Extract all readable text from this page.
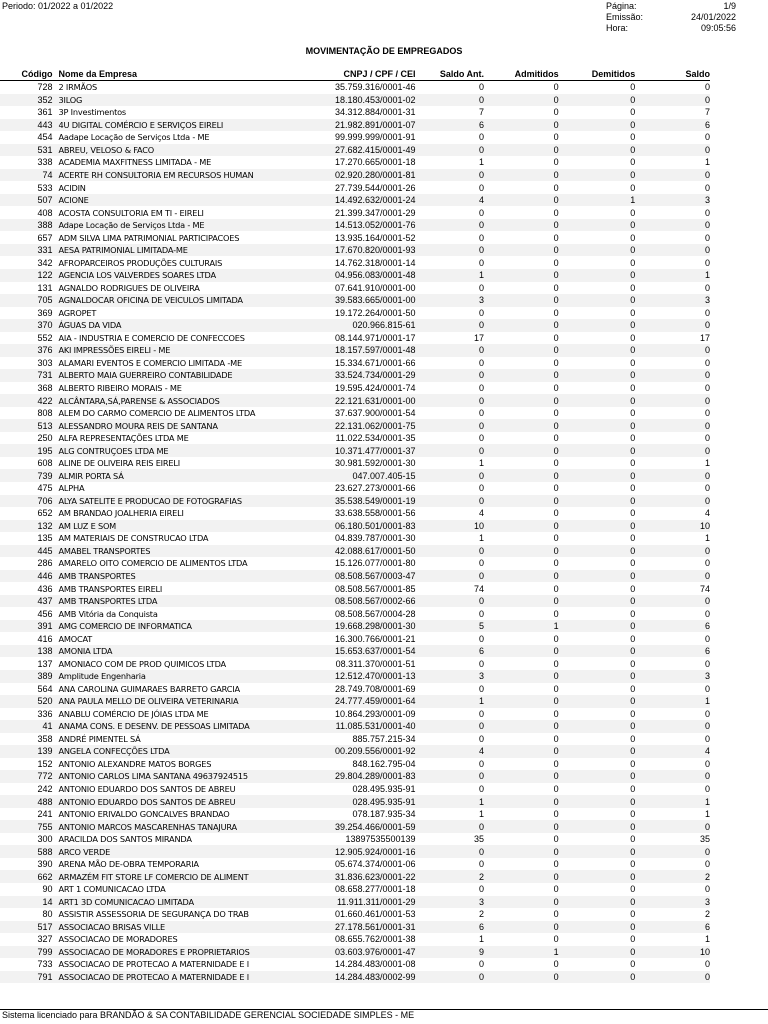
Periodo: 01/2022 a 01/2022	Página:	1/9
Emissão:	24/01/2022
Hora:	09:05:56
MOVIMENTAÇÃO DE EMPREGADOS
Código	Nome da Empresa	CNPJ / CPF / CEI	Saldo Ant.	Admitidos	Demitidos	Saldo
728	2 IRMÃOS	35.759.316/0001-46	0	0	0	0
352	3ILOG	18.180.453/0001-02	0	0	0	0
361	3P Investimentos	34.312.884/0001-31	7	0	0	7
443	4U DIGITAL COMÉRCIO E SERVIÇOS EIRELI	21.982.891/0001-07	6	0	0	6
454	Aadape Locação de Serviços Ltda - ME	99.999.999/0001-91	0	0	0	0
531	ABREU, VELOSO & FACO	27.682.415/0001-49	0	0	0	0
338	ACADEMIA MAXFITNESS LIMITADA - ME	17.270.665/0001-18	1	0	0	1
74	ACERTE RH CONSULTORIA EM RECURSOS HUMAN	02.920.280/0001-81	0	0	0	0
533	ACIDIN	27.739.544/0001-26	0	0	0	0
507	ACIONE	14.492.632/0001-24	4	0	1	3
408	ACOSTA CONSULTORIA EM TI - EIRELI	21.399.347/0001-29	0	0	0	0
388	Adape Locação de Serviços Ltda - ME	14.513.052/0001-76	0	0	0	0
657	ADM SILVA LIMA PATRIMONIAL PARTICIPACOES	13.935.164/0001-52	0	0	0	0
331	AESA PATRIMONIAL LIMITADA-ME	17.670.820/0001-93	0	0	0	0
342	AFROPARCEIROS PRODUÇÕES CULTURAIS	14.762.318/0001-14	0	0	0	0
122	AGENCIA LOS VALVERDES SOARES LTDA	04.956.083/0001-48	1	0	0	1
131	AGNALDO RODRIGUES DE OLIVEIRA	07.641.910/0001-00	0	0	0	0
705	AGNALDOCAR OFICINA DE VEICULOS LIMITADA	39.583.665/0001-00	3	0	0	3
369	AGROPET	19.172.264/0001-50	0	0	0	0
370	ÁGUAS DA VIDA	020.966.815-61	0	0	0	0
552	AIA - INDUSTRIA E COMERCIO DE CONFECCOES	08.144.971/0001-17	17	0	0	17
376	AKI IMPRESSÕES EIRELI - ME	18.157.597/0001-48	0	0	0	0
303	ALAMARI EVENTOS E COMERCIO LIMITADA -ME	15.334.671/0001-66	0	0	0	0
731	ALBERTO MAIA GUERREIRO CONTABILIDADE	33.524.734/0001-29	0	0	0	0
368	ALBERTO RIBEIRO MORAIS - ME	19.595.424/0001-74	0	0	0	0
422	ALCÂNTARA,SÁ,PARENSE & ASSOCIADOS	22.121.631/0001-00	0	0	0	0
808	ALEM DO CARMO COMERCIO DE ALIMENTOS LTDA	37.637.900/0001-54	0	0	0	0
513	ALESSANDRO MOURA REIS DE SANTANA	22.131.062/0001-75	0	0	0	0
250	ALFA REPRESENTAÇÕES LTDA ME	11.022.534/0001-35	0	0	0	0
195	ALG CONTRUÇOES LTDA ME	10.371.477/0001-37	0	0	0	0
608	ALINE DE OLIVEIRA REIS EIRELI	30.981.592/0001-30	1	0	0	1
739	ALMIR PORTA SÁ	047.007.405-15	0	0	0	0
475	ALPHA	23.627.273/0001-66	0	0	0	0
706	ALYA SATELITE E PRODUCAO DE FOTOGRAFIAS	35.538.549/0001-19	0	0	0	0
652	AM BRANDAO JOALHERIA EIRELI	33.638.558/0001-56	4	0	0	4
132	AM LUZ E SOM	06.180.501/0001-83	10	0	0	10
135	AM MATERIAIS DE CONSTRUCAO LTDA	04.839.787/0001-30	1	0	0	1
445	AMABEL TRANSPORTES	42.088.617/0001-50	0	0	0	0
286	AMARELO OITO COMERCIO DE ALIMENTOS LTDA	15.126.077/0001-80	0	0	0	0
446	AMB TRANSPORTES	08.508.567/0003-47	0	0	0	0
436	AMB TRANSPORTES EIRELI	08.508.567/0001-85	74	0	0	74
437	AMB TRANSPORTES LTDA	08.508.567/0002-66	0	0	0	0
456	AMB Vitória da Conquista	08.508.567/0004-28	0	0	0	0
391	AMG COMERCIO DE INFORMATICA	19.668.298/0001-30	5	1	0	6
416	AMOCAT	16.300.766/0001-21	0	0	0	0
138	AMONIA LTDA	15.653.637/0001-54	6	0	0	6
137	AMONIACO COM DE PROD QUIMICOS LTDA	08.311.370/0001-51	0	0	0	0
389	Amplitude Engenharia	12.512.470/0001-13	3	0	0	3
564	ANA CAROLINA GUIMARAES BARRETO GARCIA	28.749.708/0001-69	0	0	0	0
520	ANA PAULA MELLO DE OLIVEIRA VETERINARIA	24.777.459/0001-64	1	0	0	1
336	ANABLU COMÉRCIO DE JÓIAS LTDA ME	10.864.293/0001-09	0	0	0	0
41	ANAMA CONS. E DESENV. DE PESSOAS LIMITADA	11.085.531/0001-40	0	0	0	0
358	ANDRÉ PIMENTEL SÁ	885.757.215-34	0	0	0	0
139	ANGELA CONFECÇÕES LTDA	00.209.556/0001-92	4	0	0	4
152	ANTONIO ALEXANDRE MATOS BORGES	848.162.795-04	0	0	0	0
772	ANTONIO CARLOS LIMA SANTANA 49637924515	29.804.289/0001-83	0	0	0	0
242	ANTONIO EDUARDO DOS SANTOS DE ABREU	028.495.935-91	0	0	0	0
488	ANTONIO EDUARDO DOS SANTOS DE ABREU	028.495.935-91	1	0	0	1
241	ANTONIO ERIVALDO GONCALVES BRANDAO	078.187.935-34	1	0	0	1
755	ANTONIO MARCOS MASCARENHAS TANAJURA	39.254.466/0001-59	0	0	0	0
300	ARACILDA DOS SANTOS MIRANDA	13897535500139	35	0	0	35
588	ARCO VERDE	12.905.924/0001-16	0	0	0	0
390	ARENA MÃO DE-OBRA TEMPORARIA	05.674.374/0001-06	0	0	0	0
662	ARMAZÉM FIT STORE LF COMERCIO DE ALIMENT	31.836.623/0001-22	2	0	0	2
90	ART 1 COMUNICACAO LTDA	08.658.277/0001-18	0	0	0	0
14	ART1 3D COMUNICACAO LIMITADA	11.911.311/0001-29	3	0	0	3
80	ASSISTIR ASSESSORIA DE SEGURANÇA DO TRAB	01.660.461/0001-53	2	0	0	2
517	ASSOCIACAO BRISAS VILLE	27.178.561/0001-31	6	0	0	6
327	ASSOCIACAO DE MORADORES	08.655.762/0001-38	1	0	0	1
799	ASSOCIACAO DE MORADORES E PROPRIETARIOS	03.603.976/0001-47	9	1	0	10
733	ASSOCIACAO DE PROTECAO A MATERNIDADE E I	14.284.483/0001-08	0	0	0	0
791	ASSOCIACAO DE PROTECAO A MATERNIDADE E I	14.284.483/0002-99	0	0	0	0
Sistema licenciado para BRANDÃO & SA CONTABILIDADE GERENCIAL SOCIEDADE SIMPLES - ME
